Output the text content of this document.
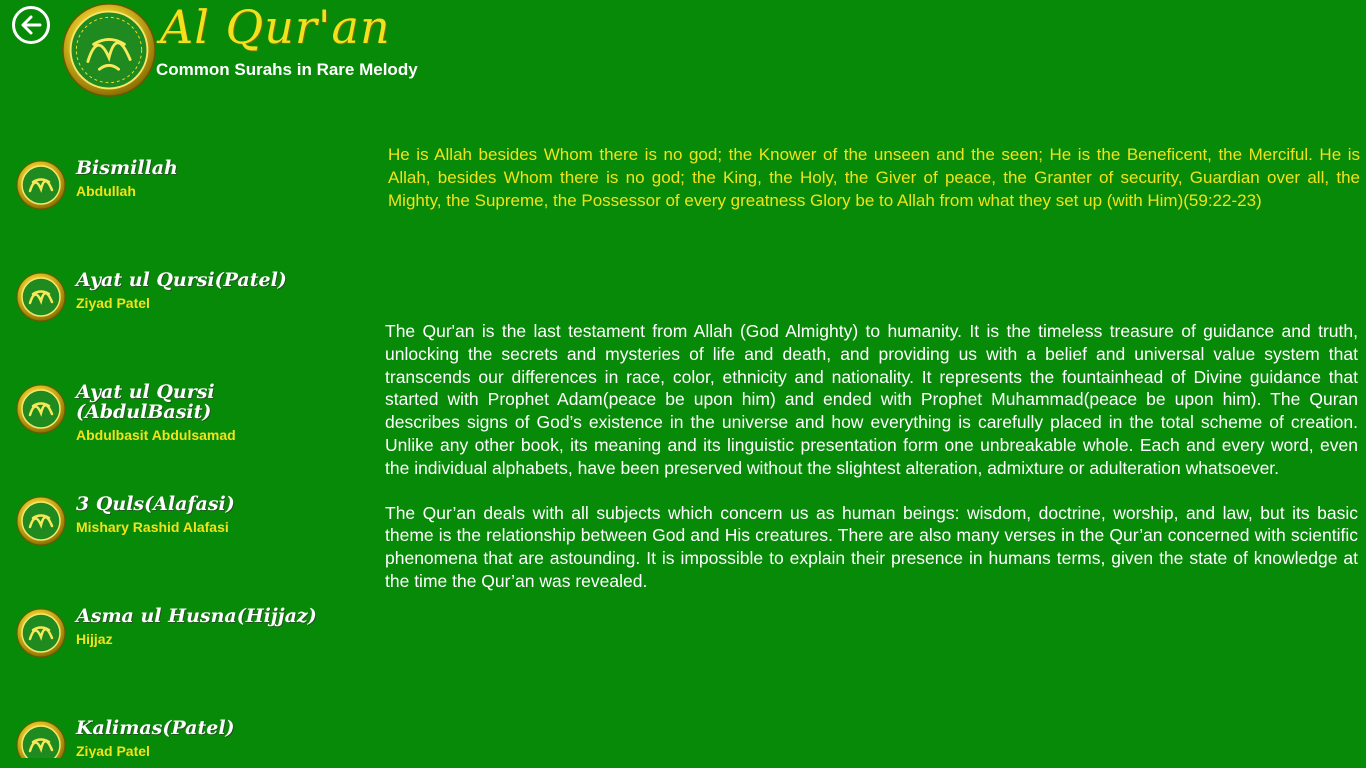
Al Qur'an
Common Surahs in Rare Melody
Bismillah
Abdullah
Ayat ul Qursi(Patel)
Ziyad Patel
Ayat ul Qursi (AbdulBasit)
Abdulbasit Abdulsamad
3 Quls(Alafasi)
Mishary Rashid Alafasi
Asma ul Husna(Hijjaz)
Hijjaz
Kalimas(Patel)
Ziyad Patel

He is Allah besides Whom there is no god; the Knower of the unseen and the seen; He is the Beneficent, the Merciful. He is Allah, besides Whom there is no god; the King, the Holy, the Giver of peace, the Granter of security, Guardian over all, the Mighty, the Supreme, the Possessor of every greatness Glory be to Allah from what they set up (with Him)(59:22-23)

The Qur'an is the last testament from Allah (God Almighty) to humanity. It is the timeless treasure of guidance and truth, unlocking the secrets and mysteries of life and death, and providing us with a belief and universal value system that transcends our differences in race, color, ethnicity and nationality. It represents the fountainhead of Divine guidance that started with Prophet Adam(peace be upon him) and ended with Prophet Muhammad(peace be upon him). The Quran describes signs of God’s existence in the universe and how everything is carefully placed in the total scheme of creation. Unlike any other book, its meaning and its linguistic presentation form one unbreakable whole. Each and every word, even the individual alphabets, have been preserved without the slightest alteration, admixture or adulteration whatsoever.

The Qur’an deals with all subjects which concern us as human beings: wisdom, doctrine, worship, and law, but its basic theme is the relationship between God and His creatures. There are also many verses in the Qur’an concerned with scientific phenomena that are astounding. It is impossible to explain their presence in humans terms, given the state of knowledge at the time the Qur’an was revealed.
